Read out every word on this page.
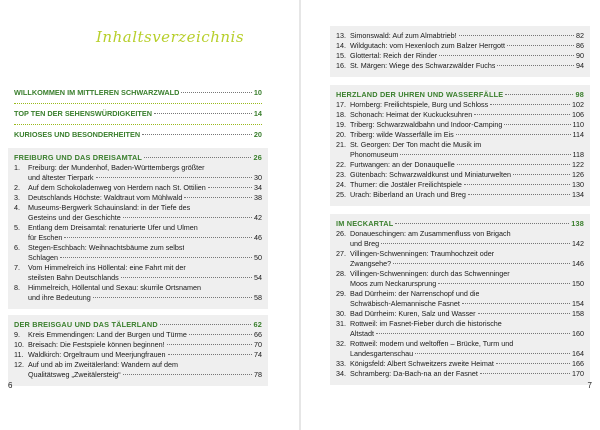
Inhaltsverzeichnis
WILLKOMMEN IM MITTLEREN SCHWARZWALD	10
TOP TEN DER SEHENSWÜRDIGKEITEN	14
KURIOSES UND BESONDERHEITEN	20
FREIBURG UND DAS DREISAMTAL	26
1.	Freiburg: der Mundenhof, Baden-Württembergs größter
und ältester Tierpark	30
2.	Auf dem Schokoladenweg von Herdern nach St. Ottilien	34
3.	Deutschlands Höchste: Waldtraut vom Mühlwald	38
4.	Museums-Bergwerk Schauinsland: in der Tiefe des
Gesteins und der Geschichte	42
5.	Entlang dem Dreisamtal: renaturierte Ufer und Ulmen
für Eschen	46
6.	Stegen-Eschbach: Weihnachtsbäume zum selbst
Schlagen	50
7.	Vom Himmelreich ins Höllental: eine Fahrt mit der
steilsten Bahn Deutschlands	54
8.	Himmelreich, Höllental und Sexau: skurrile Ortsnamen
und ihre Bedeutung	58
DER BREISGAU UND DAS TÄLERLAND	62
9.	Kreis Emmendingen: Land der Burgen und Türme	66
10. Breisach: Die Festspiele können beginnen!	70
11. Waldkirch: Orgeltraum und Meerjungfrauen	74
12. Auf und ab im Zweitälerland: Wandern auf dem
Qualitätsweg „Zweitälersteig“	78
6
13. Simonswald: Auf zum Almabtrieb!	82
14. Wildgutach: vom Hexenloch zum Balzer Herrgott	86
15. Glottertal: Reich der Rinder	90
16. St. Märgen: Wiege des Schwarzwälder Fuchs	94
HERZLAND DER UHREN UND WASSERFÄLLE	98
17. Hornberg: Freilichtspiele, Burg und Schloss	102
18. Schonach: Heimat der Kuckucksuhren	106
19. Triberg: Schwarzwaldbahn und Indoor-Camping	110
20. Triberg: wilde Wasserfälle im Eis	114
21. St. Georgen: Der Ton macht die Musik im
Phonomuseum	118
22. Furtwangen: an der Donauquelle	122
23. Gütenbach: Schwarzwaldkunst und Miniaturwelten	126
24. Thurner: die Jostäler Freilichtspiele	130
25. Urach: Biberland an Urach und Breg	134
IM NECKARTAL	138
26. Donaueschingen: am Zusammenfluss von Brigach
und Breg	142
27. Villingen-Schwenningen: Traumhochzeit oder
Zwangsehe?	146
28. Villingen-Schwenningen: durch das Schwenninger
Moos zum Neckarursprung	150
29. Bad Dürrheim: der Narrenschopf und die
Schwäbisch-Alemannische Fasnet	154
30. Bad Dürrheim: Kuren, Salz und Wasser	158
31. Rottweil: im Fasnet-Fieber durch die historische
Altstadt	160
32. Rottweil: modern und weltoffen – Brücke, Turm und
Landesgartenschau	164
33. Königsfeld: Albert Schweitzers zweite Heimat	166
34. Schramberg: Da-Bach-na an der Fasnet	170
7
